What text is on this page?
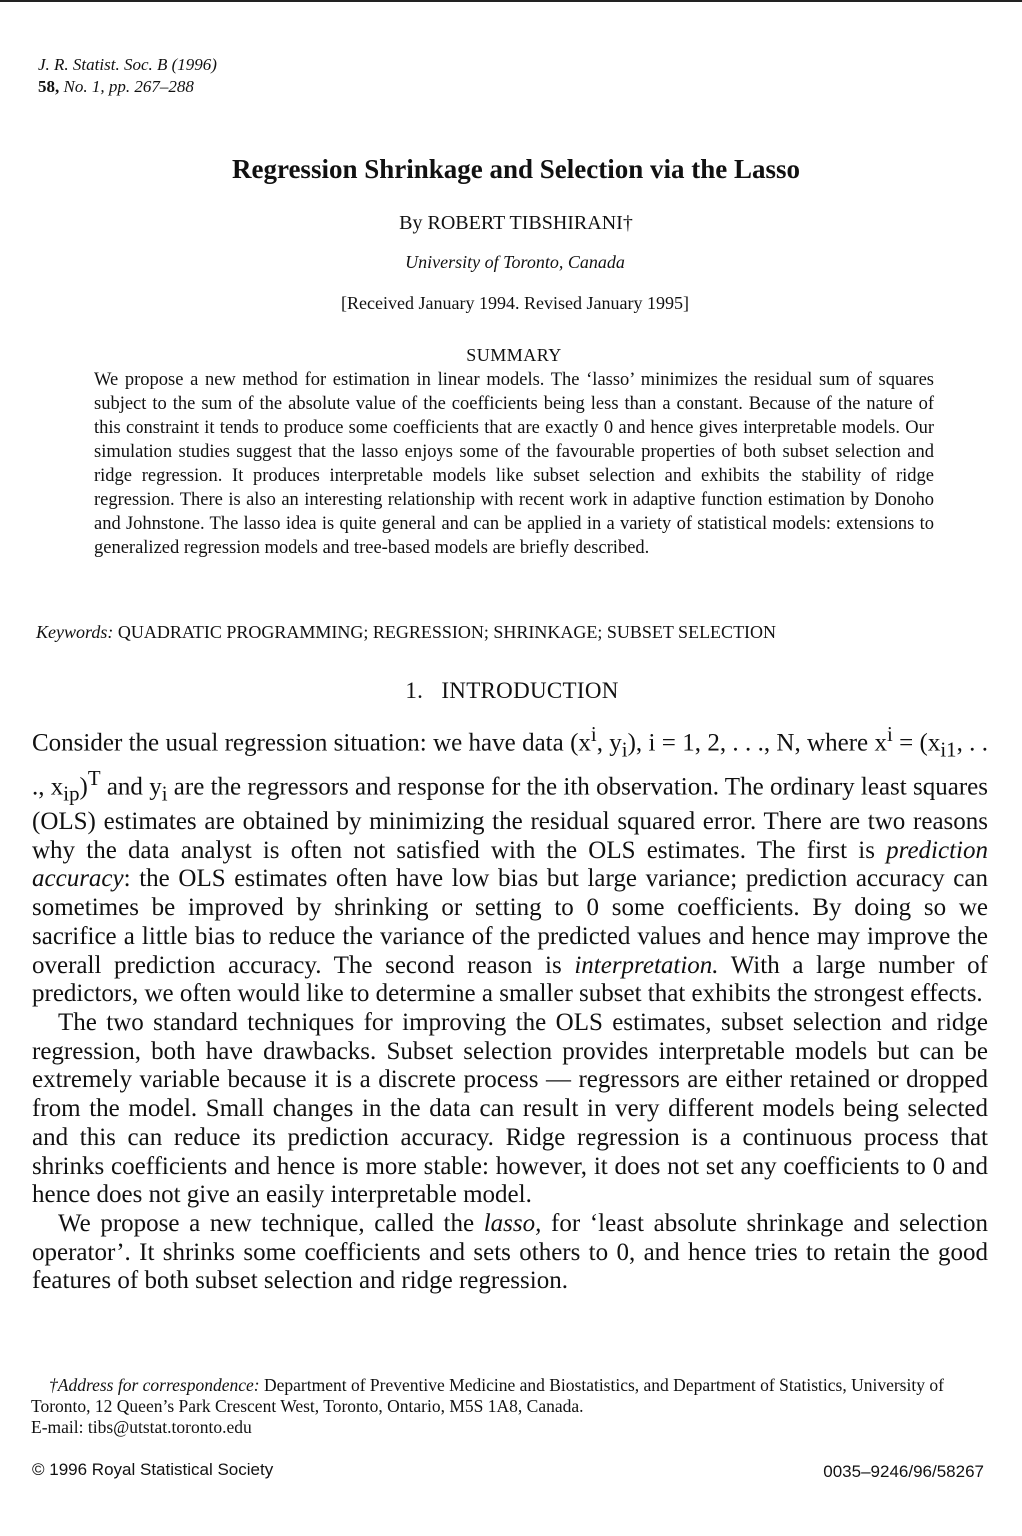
J. R. Statist. Soc. B (1996)
58, No. 1, pp. 267–288
Regression Shrinkage and Selection via the Lasso
By ROBERT TIBSHIRANI†
University of Toronto, Canada
[Received January 1994. Revised January 1995]
SUMMARY
We propose a new method for estimation in linear models. The ‘lasso’ minimizes the residual sum of squares subject to the sum of the absolute value of the coefficients being less than a constant. Because of the nature of this constraint it tends to produce some coefficients that are exactly 0 and hence gives interpretable models. Our simulation studies suggest that the lasso enjoys some of the favourable properties of both subset selection and ridge regression. It produces interpretable models like subset selection and exhibits the stability of ridge regression. There is also an interesting relationship with recent work in adaptive function estimation by Donoho and Johnstone. The lasso idea is quite general and can be applied in a variety of statistical models: extensions to generalized regression models and tree-based models are briefly described.
Keywords: QUADRATIC PROGRAMMING; REGRESSION; SHRINKAGE; SUBSET SELECTION
1. INTRODUCTION

Consider the usual regression situation: we have data ($x^i$, $y_i$), i = 1, 2, . . ., N, where $x^i = (x_{i1}$, . . ., $x_{ip})^T$ and $y_i$ are the regressors and response for the ith observation. The ordinary least squares (OLS) estimates are obtained by minimizing the residual squared error. There are two reasons why the data analyst is often not satisfied with the OLS estimates. The first is prediction accuracy: the OLS estimates often have low bias but large variance; prediction accuracy can sometimes be improved by shrinking or setting to 0 some coefficients. By doing so we sacrifice a little bias to reduce the variance of the predicted values and hence may improve the overall prediction accuracy. The second reason is interpretation. With a large number of predictors, we often would like to determine a smaller subset that exhibits the strongest effects.

The two standard techniques for improving the OLS estimates, subset selection and ridge regression, both have drawbacks. Subset selection provides interpretable models but can be extremely variable because it is a discrete process — regressors are either retained or dropped from the model. Small changes in the data can result in very different models being selected and this can reduce its prediction accuracy. Ridge regression is a continuous process that shrinks coefficients and hence is more stable: however, it does not set any coefficients to 0 and hence does not give an easily interpretable model.

We propose a new technique, called the lasso, for ‘least absolute shrinkage and selection operator’. It shrinks some coefficients and sets others to 0, and hence tries to retain the good features of both subset selection and ridge regression.

†Address for correspondence: Department of Preventive Medicine and Biostatistics, and Department of Statistics, University of Toronto, 12 Queen’s Park Crescent West, Toronto, Ontario, M5S 1A8, Canada.
E-mail: tibs@utstat.toronto.edu
© 1996 Royal Statistical Society	0035–9246/96/58267
